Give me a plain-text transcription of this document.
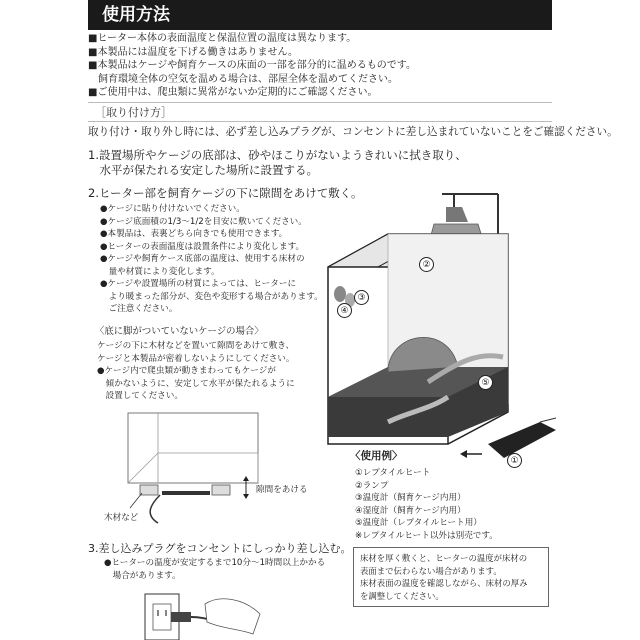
使用方法
■ヒーター本体の表面温度と保温位置の温度は異なります。
■本製品には温度を下げる働きはありません。
■本製品はケージや飼育ケースの床面の一部を部分的に温めるものです。
　飼育環境全体の空気を温める場合は、部屋全体を温めてください。
■ご使用中は、爬虫類に異常がないか定期的にご確認ください。
［取り付け方］
取り付け・取り外し時には、必ず差し込みプラグが、コンセントに差し込まれていないことをご確認ください。
1.設置場所やケージの底部は、砂やほこりがないようきれいに拭き取り、
　水平が保たれる安定した場所に設置する。
2.ヒーター部を飼育ケージの下に隙間をあけて敷く。
●ケージに貼り付けないでください。
●ケージ底面積の1/3〜1/2を目安に敷いてください。
●本製品は、表裏どちら向きでも使用できます。
●ヒーターの表面温度は設置条件により変化します。
●ケージや飼育ケース底部の温度は、使用する床材の
　量や材質により変化します。
●ケージや設置場所の材質によっては、ヒーターに
　より暖まった部分が、変色や変形する場合があります。
　ご注意ください。
〈底に脚がついていないケージの場合〉
ケージの下に木材などを置いて隙間をあけて敷き、
ケージと本製品が密着しないようにしてください。
●ケージ内で爬虫類が動きまわってもケージが
　傾かないように、安定して水平が保たれるように
　設置してください。
隙間をあける
木材など
①
②
③
④
⑤
〈使用例〉
①レプタイルヒート
②ランプ
③温度計（飼育ケージ内用）
④湿度計（飼育ケージ内用）
⑤温度計（レプタイルヒート用）
※レプタイルヒート以外は別売です。
床材を厚く敷くと、ヒーターの温度が床材の
表面まで伝わらない場合があります。
床材表面の温度を確認しながら、床材の厚み
を調整してください。
3.差し込みプラグをコンセントにしっかり差し込む。
●ヒーターの温度が安定するまで10分〜1時間以上かかる
　場合があります。
